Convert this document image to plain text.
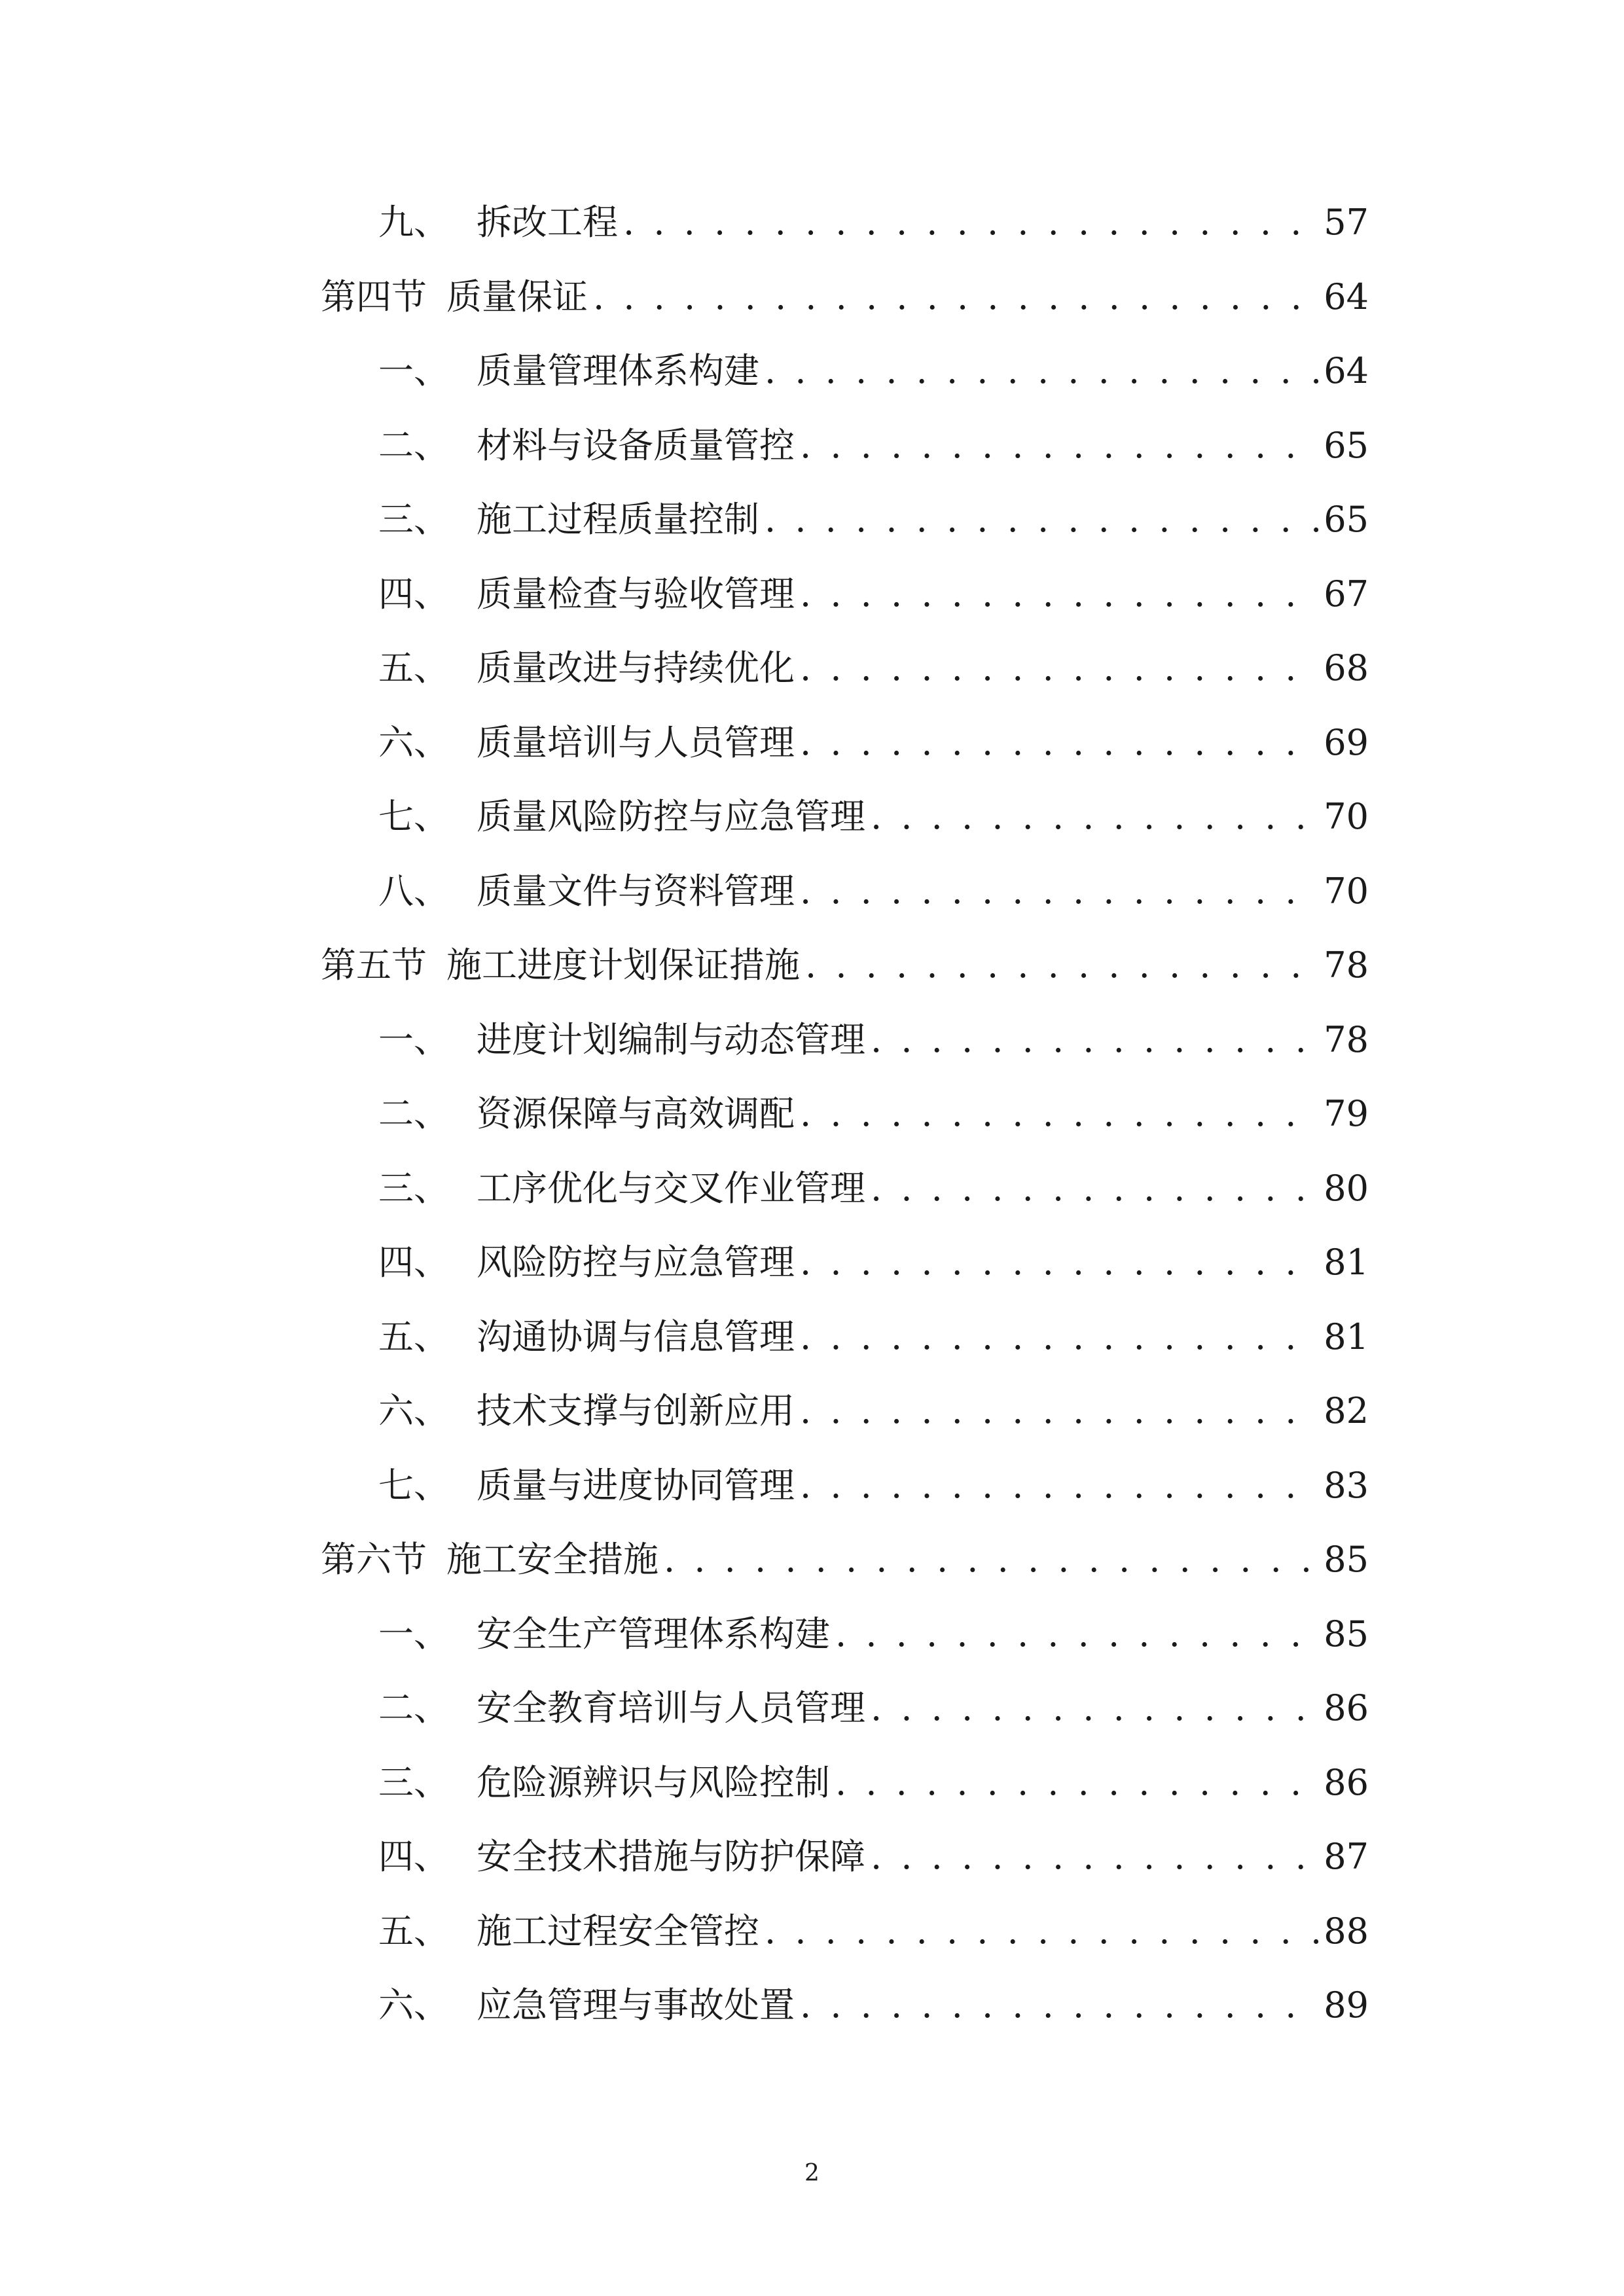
九、 拆改工程 . . .	57
第四节 质量保证 . . .	64
一、 质量管理体系构建 . . .	64
二、 材料与设备质量管控 . . .	65
三、 施工过程质量控制 . . .	65
四、 质量检查与验收管理 . . .	67
五、 质量改进与持续优化 . . .	68
六、 质量培训与人员管理 . . .	69
七、 质量风险防控与应急管理 . . .	70
八、 质量文件与资料管理 . . .	70
第五节 施工进度计划保证措施 . . .	78
一、 进度计划编制与动态管理 . . .	78
二、 资源保障与高效调配 . . .	79
三、 工序优化与交叉作业管理 . . .	80
四、 风险防控与应急管理 . . .	81
五、 沟通协调与信息管理 . . .	81
六、 技术支撑与创新应用 . . .	82
七、 质量与进度协同管理 . . .	83
第六节 施工安全措施 . . .	85
一、 安全生产管理体系构建 . . .	85
二、 安全教育培训与人员管理 . . .	86
三、 危险源辨识与风险控制 . . .	86
四、 安全技术措施与防护保障 . . .	87
五、 施工过程安全管控 . . .	88
六、 应急管理与事故处置 . . .	89
2
